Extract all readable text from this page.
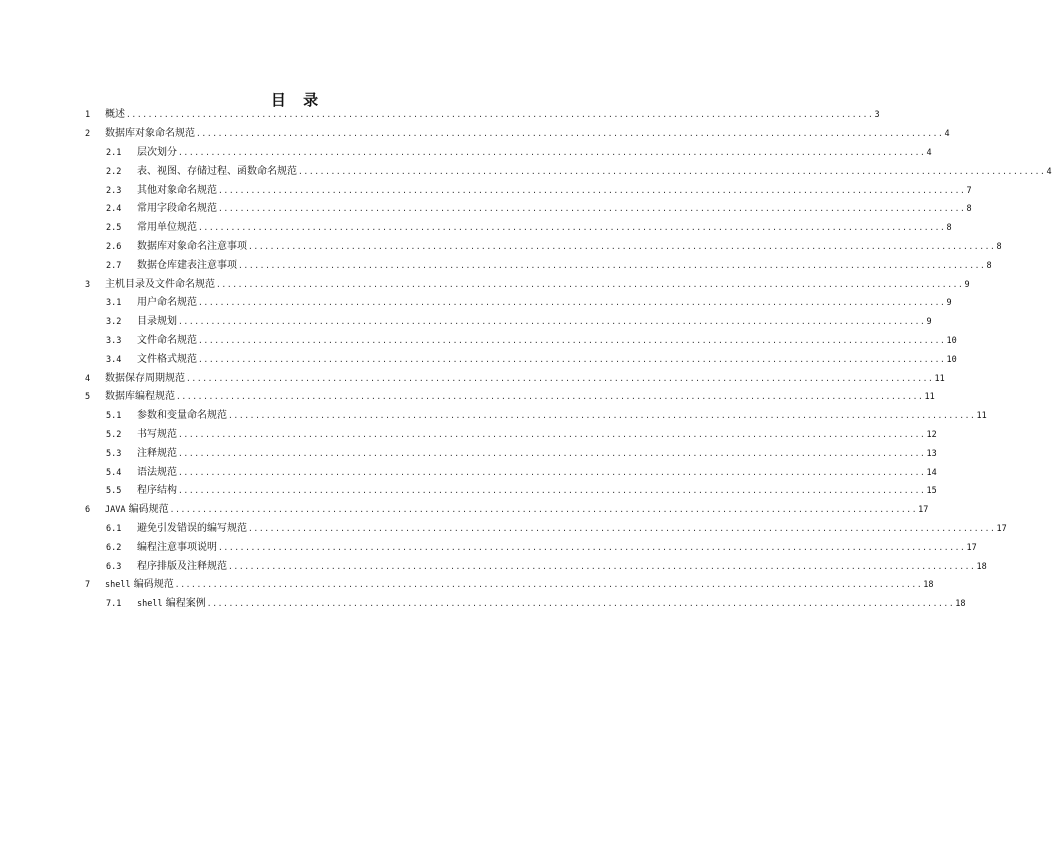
目 录
1	概述 .......................................................................................................................................... 3
2	数据库对象命名规范 .......................................................................................................................................... 4
2.1	层次划分 .......................................................................................................................................... 4
2.2	表、视图、存储过程、函数命名规范 .......................................................................................................................................... 4
2.3	其他对象命名规范 .......................................................................................................................................... 7
2.4	常用字段命名规范 .......................................................................................................................................... 8
2.5	常用单位规范 .......................................................................................................................................... 8
2.6	数据库对象命名注意事项 .......................................................................................................................................... 8
2.7	数据仓库建表注意事项 .......................................................................................................................................... 8
3	主机目录及文件命名规范 .......................................................................................................................................... 9
3.1	用户命名规范 .......................................................................................................................................... 9
3.2	目录规划 .......................................................................................................................................... 9
3.3	文件命名规范 .......................................................................................................................................... 10
3.4	文件格式规范 .......................................................................................................................................... 10
4	数据保存周期规范 .......................................................................................................................................... 11
5	数据库编程规范 .......................................................................................................................................... 11
5.1	参数和变量命名规范 .......................................................................................................................................... 11
5.2	书写规范 .......................................................................................................................................... 12
5.3	注释规范 .......................................................................................................................................... 13
5.4	语法规范 .......................................................................................................................................... 14
5.5	程序结构 .......................................................................................................................................... 15
6	JAVA 编码规范 .......................................................................................................................................... 17
6.1	避免引发错误的编写规范 .......................................................................................................................................... 17
6.2	编程注意事项说明 .......................................................................................................................................... 17
6.3	程序排版及注释规范 .......................................................................................................................................... 18
7	shell 编码规范 .......................................................................................................................................... 18
7.1	shell 编程案例 .......................................................................................................................................... 18
